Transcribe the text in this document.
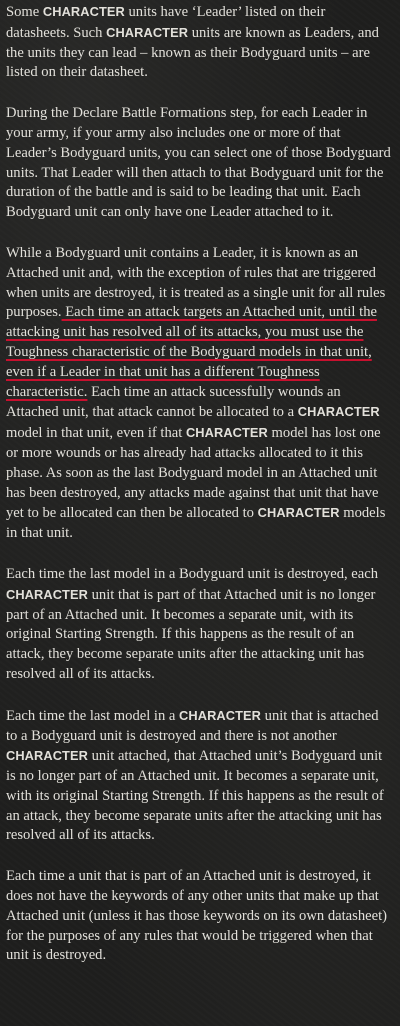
Some CHARACTER units have ‘Leader’ listed on their datasheets. Such CHARACTER units are known as Leaders, and the units they can lead – known as their Bodyguard units – are listed on their datasheet.

During the Declare Battle Formations step, for each Leader in your army, if your army also includes one or more of that Leader’s Bodyguard units, you can select one of those Bodyguard units. That Leader will then attach to that Bodyguard unit for the duration of the battle and is said to be leading that unit. Each Bodyguard unit can only have one Leader attached to it.

While a Bodyguard unit contains a Leader, it is known as an Attached unit and, with the exception of rules that are triggered when units are destroyed, it is treated as a single unit for all rules purposes. Each time an attack targets an Attached unit, until the attacking unit has resolved all of its attacks, you must use the Toughness characteristic of the Bodyguard models in that unit, even if a Leader in that unit has a different Toughness characteristic. Each time an attack sucessfully wounds an Attached unit, that attack cannot be allocated to a CHARACTER model in that unit, even if that CHARACTER model has lost one or more wounds or has already had attacks allocated to it this phase. As soon as the last Bodyguard model in an Attached unit has been destroyed, any attacks made against that unit that have yet to be allocated can then be allocated to CHARACTER models in that unit.

Each time the last model in a Bodyguard unit is destroyed, each CHARACTER unit that is part of that Attached unit is no longer part of an Attached unit. It becomes a separate unit, with its original Starting Strength. If this happens as the result of an attack, they become separate units after the attacking unit has resolved all of its attacks.

Each time the last model in a CHARACTER unit that is attached to a Bodyguard unit is destroyed and there is not another CHARACTER unit attached, that Attached unit’s Bodyguard unit is no longer part of an Attached unit. It becomes a separate unit, with its original Starting Strength. If this happens as the result of an attack, they become separate units after the attacking unit has resolved all of its attacks.

Each time a unit that is part of an Attached unit is destroyed, it does not have the keywords of any other units that make up that Attached unit (unless it has those keywords on its own datasheet) for the purposes of any rules that would be triggered when that unit is destroyed.
